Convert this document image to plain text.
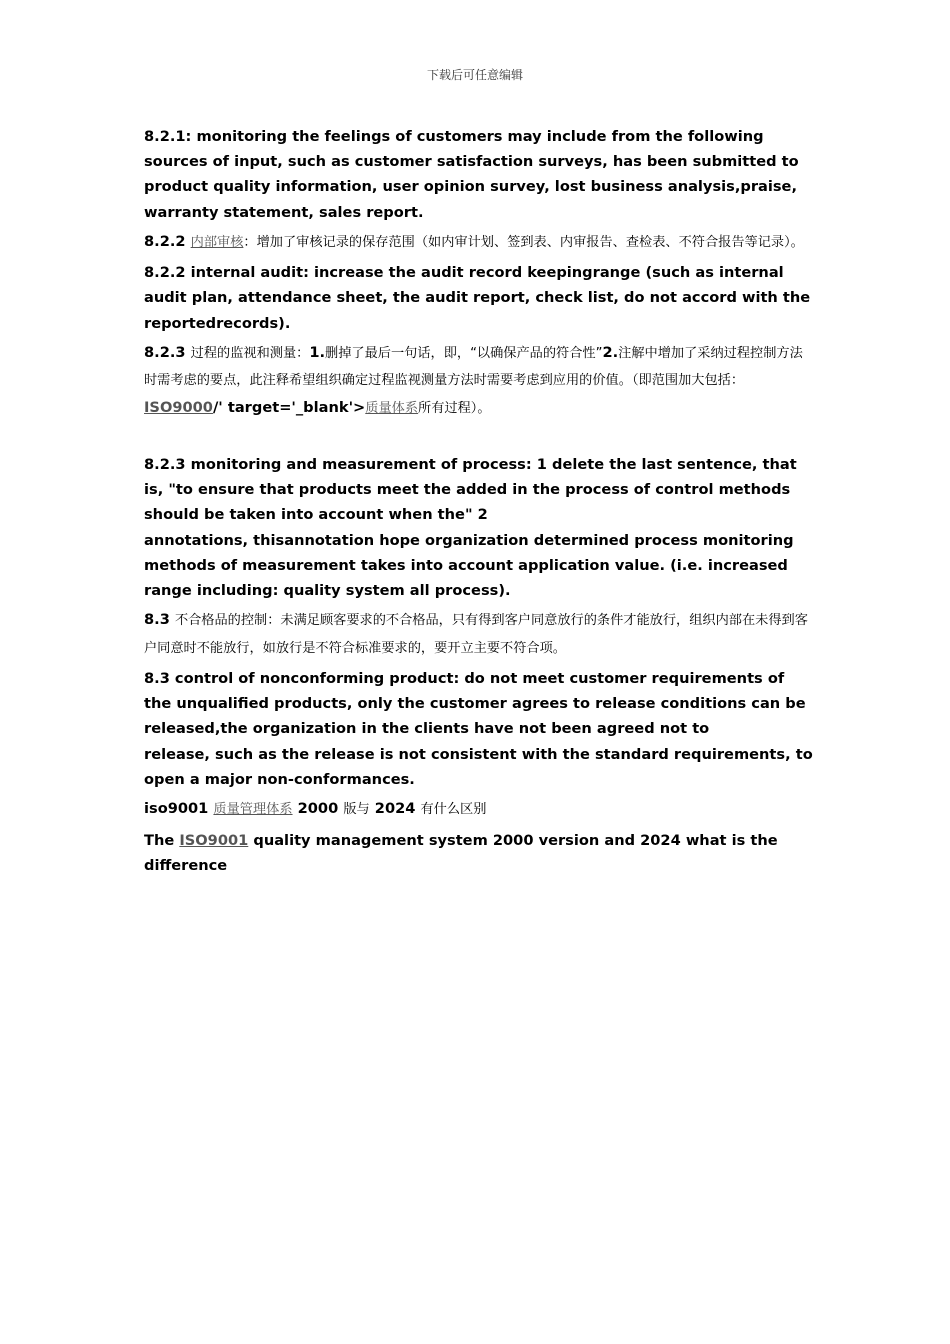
下载后可任意编辑

8.2.1: monitoring the feelings of customers may include from the following sources of input, such as customer satisfaction surveys, has been submitted to product quality information, user opinion survey, lost business analysis,praise, warranty statement, sales report.

8.2.2 内部审核：增加了审核记录的保存范围（如内审计划、签到表、内审报告、查检表、不符合报告等记录）。

8.2.2 internal audit: increase the audit record keepingrange (such as internal audit plan, attendance sheet, the audit report, check list, do not accord with the reportedrecords).

8.2.3 过程的监视和测量：1.删掉了最后一句话，即，“以确保产品的符合性”2.注解中增加了采纳过程控制方法时需考虑的要点，此注释希望组织确定过程监视测量方法时需要考虑到应用的价值。（即范围加大包括：ISO9000/' target='_blank'>质量体系所有过程）。

8.2.3 monitoring and measurement of process: 1 delete the last sentence, that is, "to ensure that products meet the added in the process of control methods should be taken into account when the" 2
annotations, thisannotation hope organization determined process monitoring methods of measurement takes into account application value. (i.e. increased range including: quality system all process).

8.3 不合格品的控制：未满足顾客要求的不合格品，只有得到客户同意放行的条件才能放行，组织内部在未得到客户同意时不能放行，如放行是不符合标准要求的，要开立主要不符合项。

8.3 control of nonconforming product: do not meet customer requirements of the unqualified products, only the customer agrees to release conditions can be released,the organization in the clients have not been agreed not to
release, such as the release is not consistent with the standard requirements, to open a major non-conformances.

iso9001 质量管理体系 2000 版与 2024 有什么区别

The ISO9001 quality management system 2000 version and 2024 what is the difference
